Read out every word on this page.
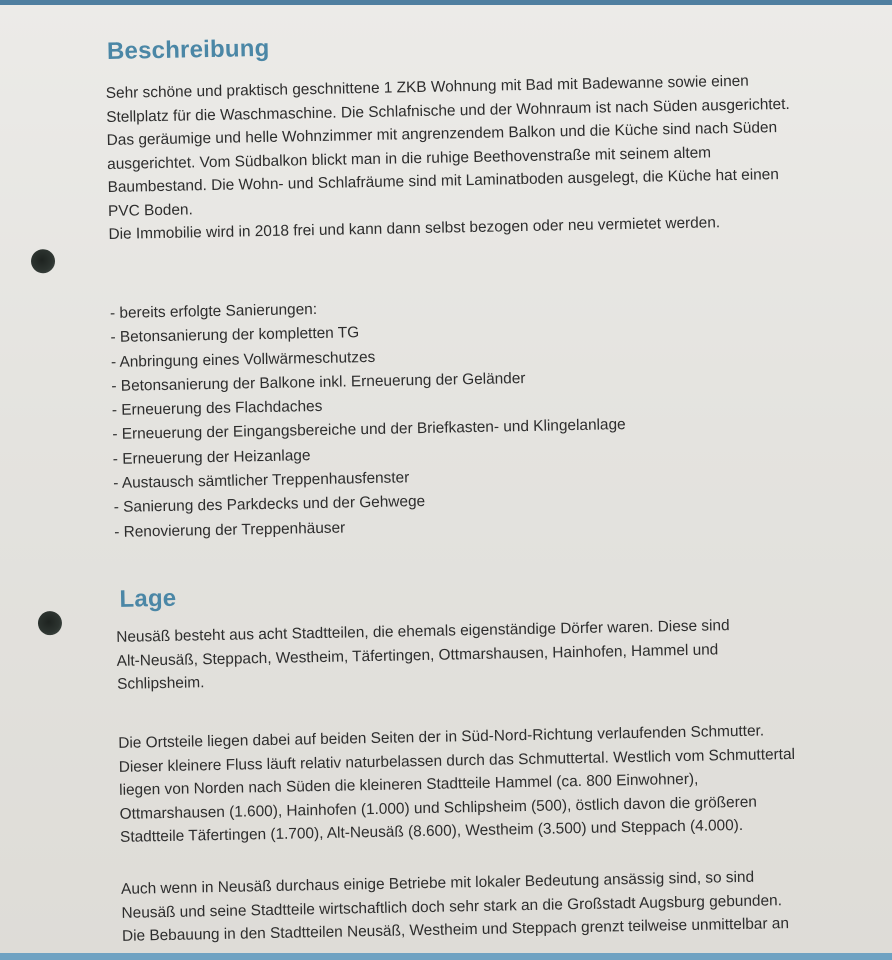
Beschreibung
Sehr schöne und praktisch geschnittene 1 ZKB Wohnung mit Bad mit Badewanne sowie einen
Stellplatz für die Waschmaschine. Die Schlafnische und der Wohnraum ist nach Süden ausgerichtet.
Das geräumige und helle Wohnzimmer mit angrenzendem Balkon und die Küche sind nach Süden
ausgerichtet. Vom Südbalkon blickt man in die ruhige Beethovenstraße mit seinem altem
Baumbestand. Die Wohn- und Schlafräume sind mit Laminatboden ausgelegt, die Küche hat einen
PVC Boden.
Die Immobilie wird in 2018 frei und kann dann selbst bezogen oder neu vermietet werden.
- bereits erfolgte Sanierungen:
- Betonsanierung der kompletten TG
- Anbringung eines Vollwärmeschutzes
- Betonsanierung der Balkone inkl. Erneuerung der Geländer
- Erneuerung des Flachdaches
- Erneuerung der Eingangsbereiche und der Briefkasten- und Klingelanlage
- Erneuerung der Heizanlage
- Austausch sämtlicher Treppenhausfenster
- Sanierung des Parkdecks und der Gehwege
- Renovierung der Treppenhäuser
Lage
Neusäß besteht aus acht Stadtteilen, die ehemals eigenständige Dörfer waren. Diese sind
Alt-Neusäß, Steppach, Westheim, Täfertingen, Ottmarshausen, Hainhofen, Hammel und
Schlipsheim.
Die Ortsteile liegen dabei auf beiden Seiten der in Süd-Nord-Richtung verlaufenden Schmutter.
Dieser kleinere Fluss läuft relativ naturbelassen durch das Schmuttertal. Westlich vom Schmuttertal
liegen von Norden nach Süden die kleineren Stadtteile Hammel (ca. 800 Einwohner),
Ottmarshausen (1.600), Hainhofen (1.000) und Schlipsheim (500), östlich davon die größeren
Stadtteile Täfertingen (1.700), Alt-Neusäß (8.600), Westheim (3.500) und Steppach (4.000).
Auch wenn in Neusäß durchaus einige Betriebe mit lokaler Bedeutung ansässig sind, so sind
Neusäß und seine Stadtteile wirtschaftlich doch sehr stark an die Großstadt Augsburg gebunden.
Die Bebauung in den Stadtteilen Neusäß, Westheim und Steppach grenzt teilweise unmittelbar an
